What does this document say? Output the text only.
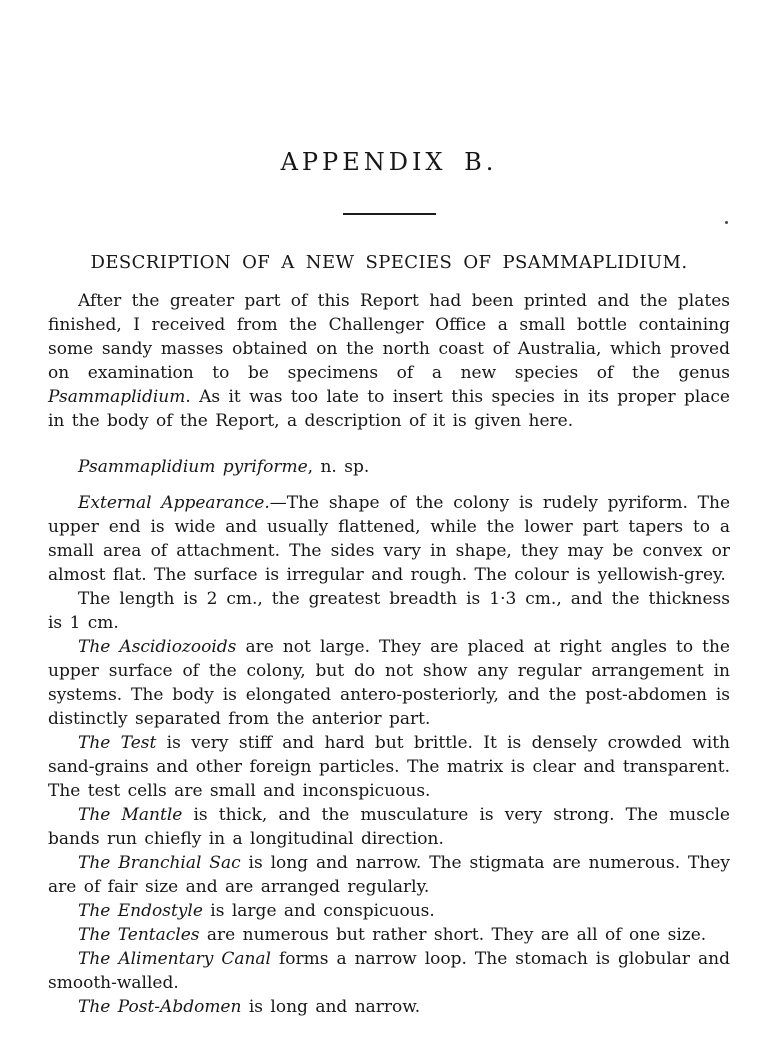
APPENDIX B.
DESCRIPTION OF A NEW SPECIES OF PSAMMAPLIDIUM.

After the greater part of this Report had been printed and the plates finished, I received from the Challenger Office a small bottle containing some sandy masses obtained on the north coast of Australia, which proved on examination to be specimens of a new species of the genus Psammaplidium. As it was too late to insert this species in its proper place in the body of the Report, a description of it is given here.

Psammaplidium pyriforme, n. sp.

External Appearance.—The shape of the colony is rudely pyriform. The upper end is wide and usually flattened, while the lower part tapers to a small area of attachment. The sides vary in shape, they may be convex or almost flat. The surface is irregular and rough. The colour is yellowish-grey.

The length is 2 cm., the greatest breadth is 1·3 cm., and the thickness is 1 cm.

The Ascidiozooids are not large. They are placed at right angles to the upper surface of the colony, but do not show any regular arrangement in systems. The body is elongated antero-posteriorly, and the post-abdomen is distinctly separated from the anterior part.

The Test is very stiff and hard but brittle. It is densely crowded with sand-grains and other foreign particles. The matrix is clear and transparent. The test cells are small and inconspicuous.

The Mantle is thick, and the musculature is very strong. The muscle bands run chiefly in a longitudinal direction.

The Branchial Sac is long and narrow. The stigmata are numerous. They are of fair size and are arranged regularly.

The Endostyle is large and conspicuous.

The Tentacles are numerous but rather short. They are all of one size.

The Alimentary Canal forms a narrow loop. The stomach is globular and smooth-walled.

The Post-Abdomen is long and narrow.
